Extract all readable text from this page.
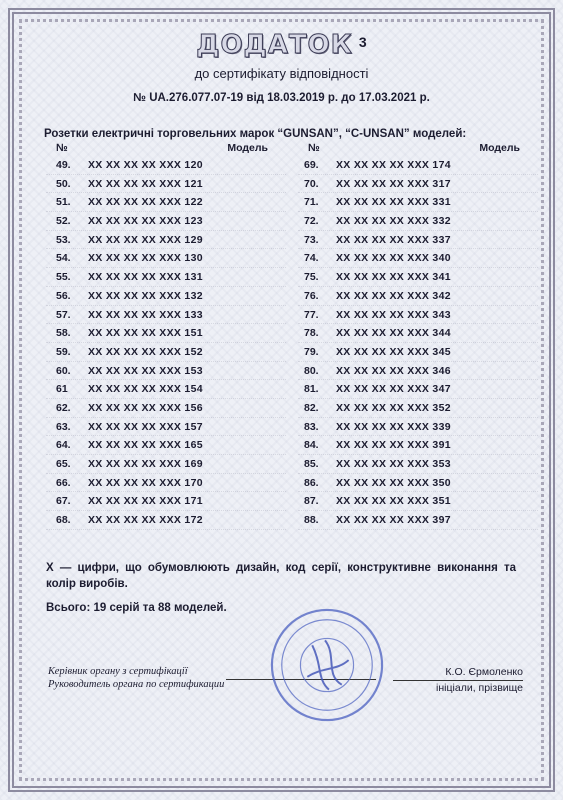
ДОДАТОК 3
до сертифікату відповідності
№ UA.276.077.07-19 від 18.03.2019 р. до 17.03.2021 р.
Розетки електричні торговельних марок “GUNSAN”, “C-UNSAN” моделей:
№	Модель
49. XX XX XX XX XXX 120
50. XX XX XX XX XXX 121
51. XX XX XX XX XXX 122
52. XX XX XX XX XXX 123
53. XX XX XX XX XXX 129
54. XX XX XX XX XXX 130
55. XX XX XX XX XXX 131
56. XX XX XX XX XXX 132
57. XX XX XX XX XXX 133
58. XX XX XX XX XXX 151
59. XX XX XX XX XXX 152
60. XX XX XX XX XXX 153
61 XX XX XX XX XXX 154
62. XX XX XX XX XXX 156
63. XX XX XX XX XXX 157
64. XX XX XX XX XXX 165
65. XX XX XX XX XXX 169
66. XX XX XX XX XXX 170
67. XX XX XX XX XXX 171
68. XX XX XX XX XXX 172
№	Модель
69. XX XX XX XX XXX 174
70. XX XX XX XX XXX 317
71. XX XX XX XX XXX 331
72. XX XX XX XX XXX 332
73. XX XX XX XX XXX 337
74. XX XX XX XX XXX 340
75. XX XX XX XX XXX 341
76. XX XX XX XX XXX 342
77. XX XX XX XX XXX 343
78. XX XX XX XX XXX 344
79. XX XX XX XX XXX 345
80. XX XX XX XX XXX 346
81. XX XX XX XX XXX 347
82. XX XX XX XX XXX 352
83. XX XX XX XX XXX 339
84. XX XX XX XX XXX 391
85. XX XX XX XX XXX 353
86. XX XX XX XX XXX 350
87. XX XX XX XX XXX 351
88. XX XX XX XX XXX 397
X — цифри, що обумовлюють дизайн, код серії, конструктивне виконання та колір виробів.
Всього: 19 серій та 88 моделей.
Керівник органу з сертифікації
Руководитель органа по сертификации
К.О. Єрмоленко
ініціали, прізвище
